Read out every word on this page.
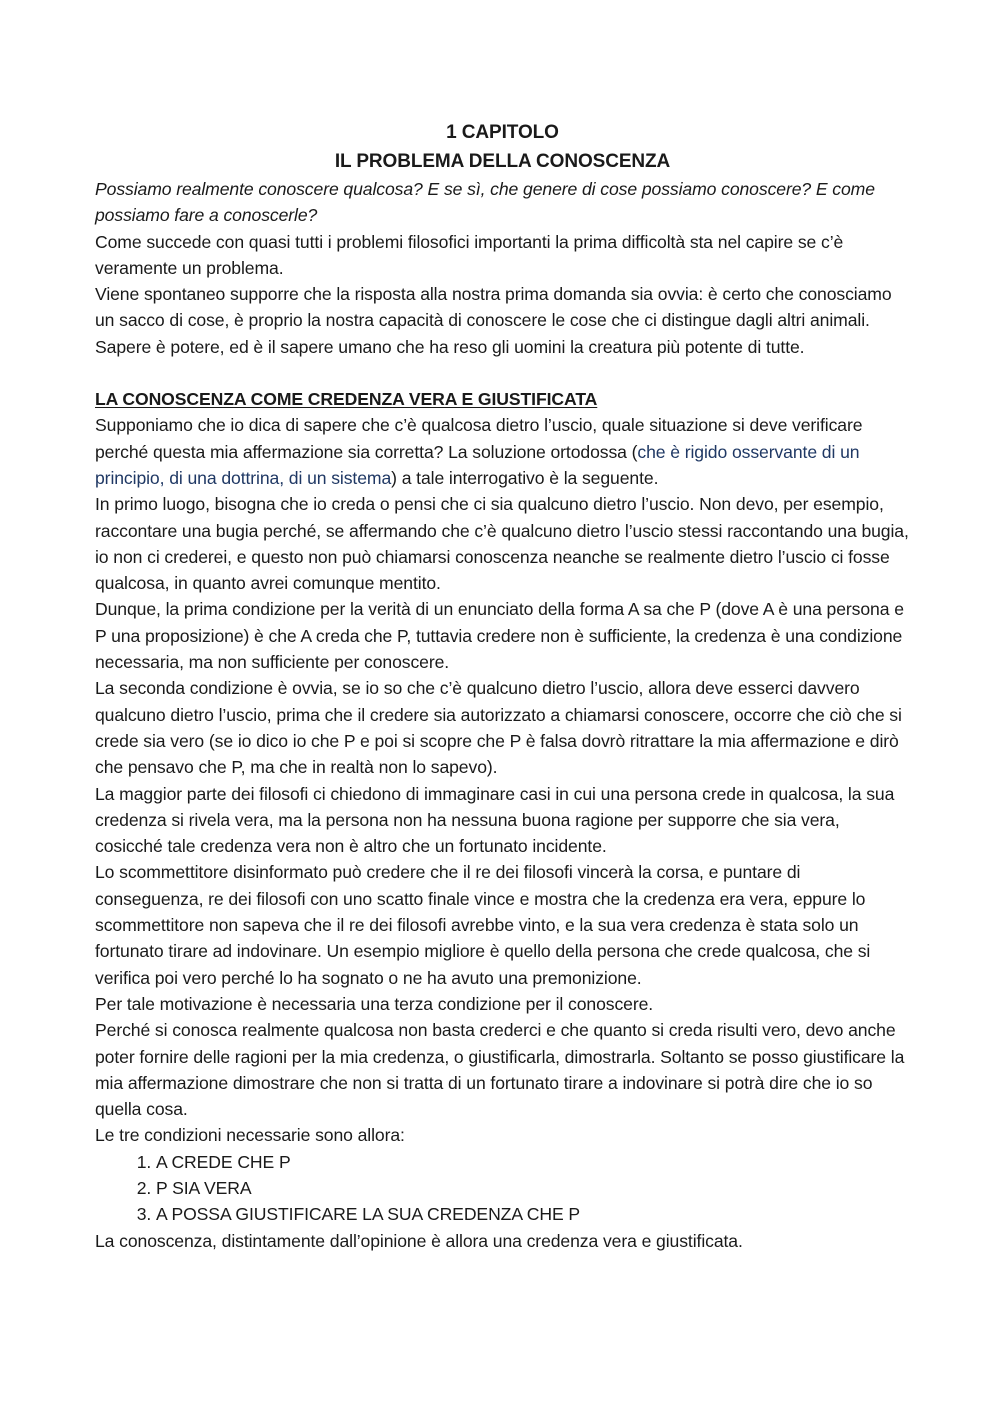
1 CAPITOLO
IL PROBLEMA DELLA CONOSCENZA

Possiamo realmente conoscere qualcosa? E se sì, che genere di cose possiamo conoscere? E come possiamo fare a conoscerle?

Come succede con quasi tutti i problemi filosofici importanti la prima difficoltà sta nel capire se c’è veramente un problema.

Viene spontaneo supporre che la risposta alla nostra prima domanda sia ovvia: è certo che conosciamo un sacco di cose, è proprio la nostra capacità di conoscere le cose che ci distingue dagli altri animali. Sapere è potere, ed è il sapere umano che ha reso gli uomini la creatura più potente di tutte.

LA CONOSCENZA COME CREDENZA VERA E GIUSTIFICATA

Supponiamo che io dica di sapere che c’è qualcosa dietro l’uscio, quale situazione si deve verificare perché questa mia affermazione sia corretta? La soluzione ortodossa (che è rigido osservante di un principio, di una dottrina, di un sistema) a tale interrogativo è la seguente.

In primo luogo, bisogna che io creda o pensi che ci sia qualcuno dietro l’uscio. Non devo, per esempio, raccontare una bugia perché, se affermando che c’è qualcuno dietro l’uscio stessi raccontando una bugia, io non ci crederei, e questo non può chiamarsi conoscenza neanche se realmente dietro l’uscio ci fosse qualcosa, in quanto avrei comunque mentito.

Dunque, la prima condizione per la verità di un enunciato della forma A sa che P (dove A è una persona e P una proposizione) è che A creda che P, tuttavia credere non è sufficiente, la credenza è una condizione necessaria, ma non sufficiente per conoscere.

La seconda condizione è ovvia, se io so che c’è qualcuno dietro l’uscio, allora deve esserci davvero qualcuno dietro l’uscio, prima che il credere sia autorizzato a chiamarsi conoscere, occorre che ciò che si crede sia vero (se io dico io che P e poi si scopre che P è falsa dovrò ritrattare la mia affermazione e dirò che pensavo che P, ma che in realtà non lo sapevo).

La maggior parte dei filosofi ci chiedono di immaginare casi in cui una persona crede in qualcosa, la sua credenza si rivela vera, ma la persona non ha nessuna buona ragione per supporre che sia vera, cosicché tale credenza vera non è altro che un fortunato incidente.

Lo scommettitore disinformato può credere che il re dei filosofi vincerà la corsa, e puntare di conseguenza, re dei filosofi con uno scatto finale vince e mostra che la credenza era vera, eppure lo scommettitore non sapeva che il re dei filosofi avrebbe vinto, e la sua vera credenza è stata solo un fortunato tirare ad indovinare. Un esempio migliore è quello della persona che crede qualcosa, che si verifica poi vero perché lo ha sognato o ne ha avuto una premonizione.

Per tale motivazione è necessaria una terza condizione per il conoscere.

Perché si conosca realmente qualcosa non basta crederci e che quanto si creda risulti vero, devo anche poter fornire delle ragioni per la mia credenza, o giustificarla, dimostrarla. Soltanto se posso giustificare la mia affermazione dimostrare che non si tratta di un fortunato tirare a indovinare si potrà dire che io so quella cosa.

Le tre condizioni necessarie sono allora:

1. A CREDE CHE P
2. P SIA VERA
3. A POSSA GIUSTIFICARE LA SUA CREDENZA CHE P

La conoscenza, distintamente dall’opinione è allora una credenza vera e giustificata.
